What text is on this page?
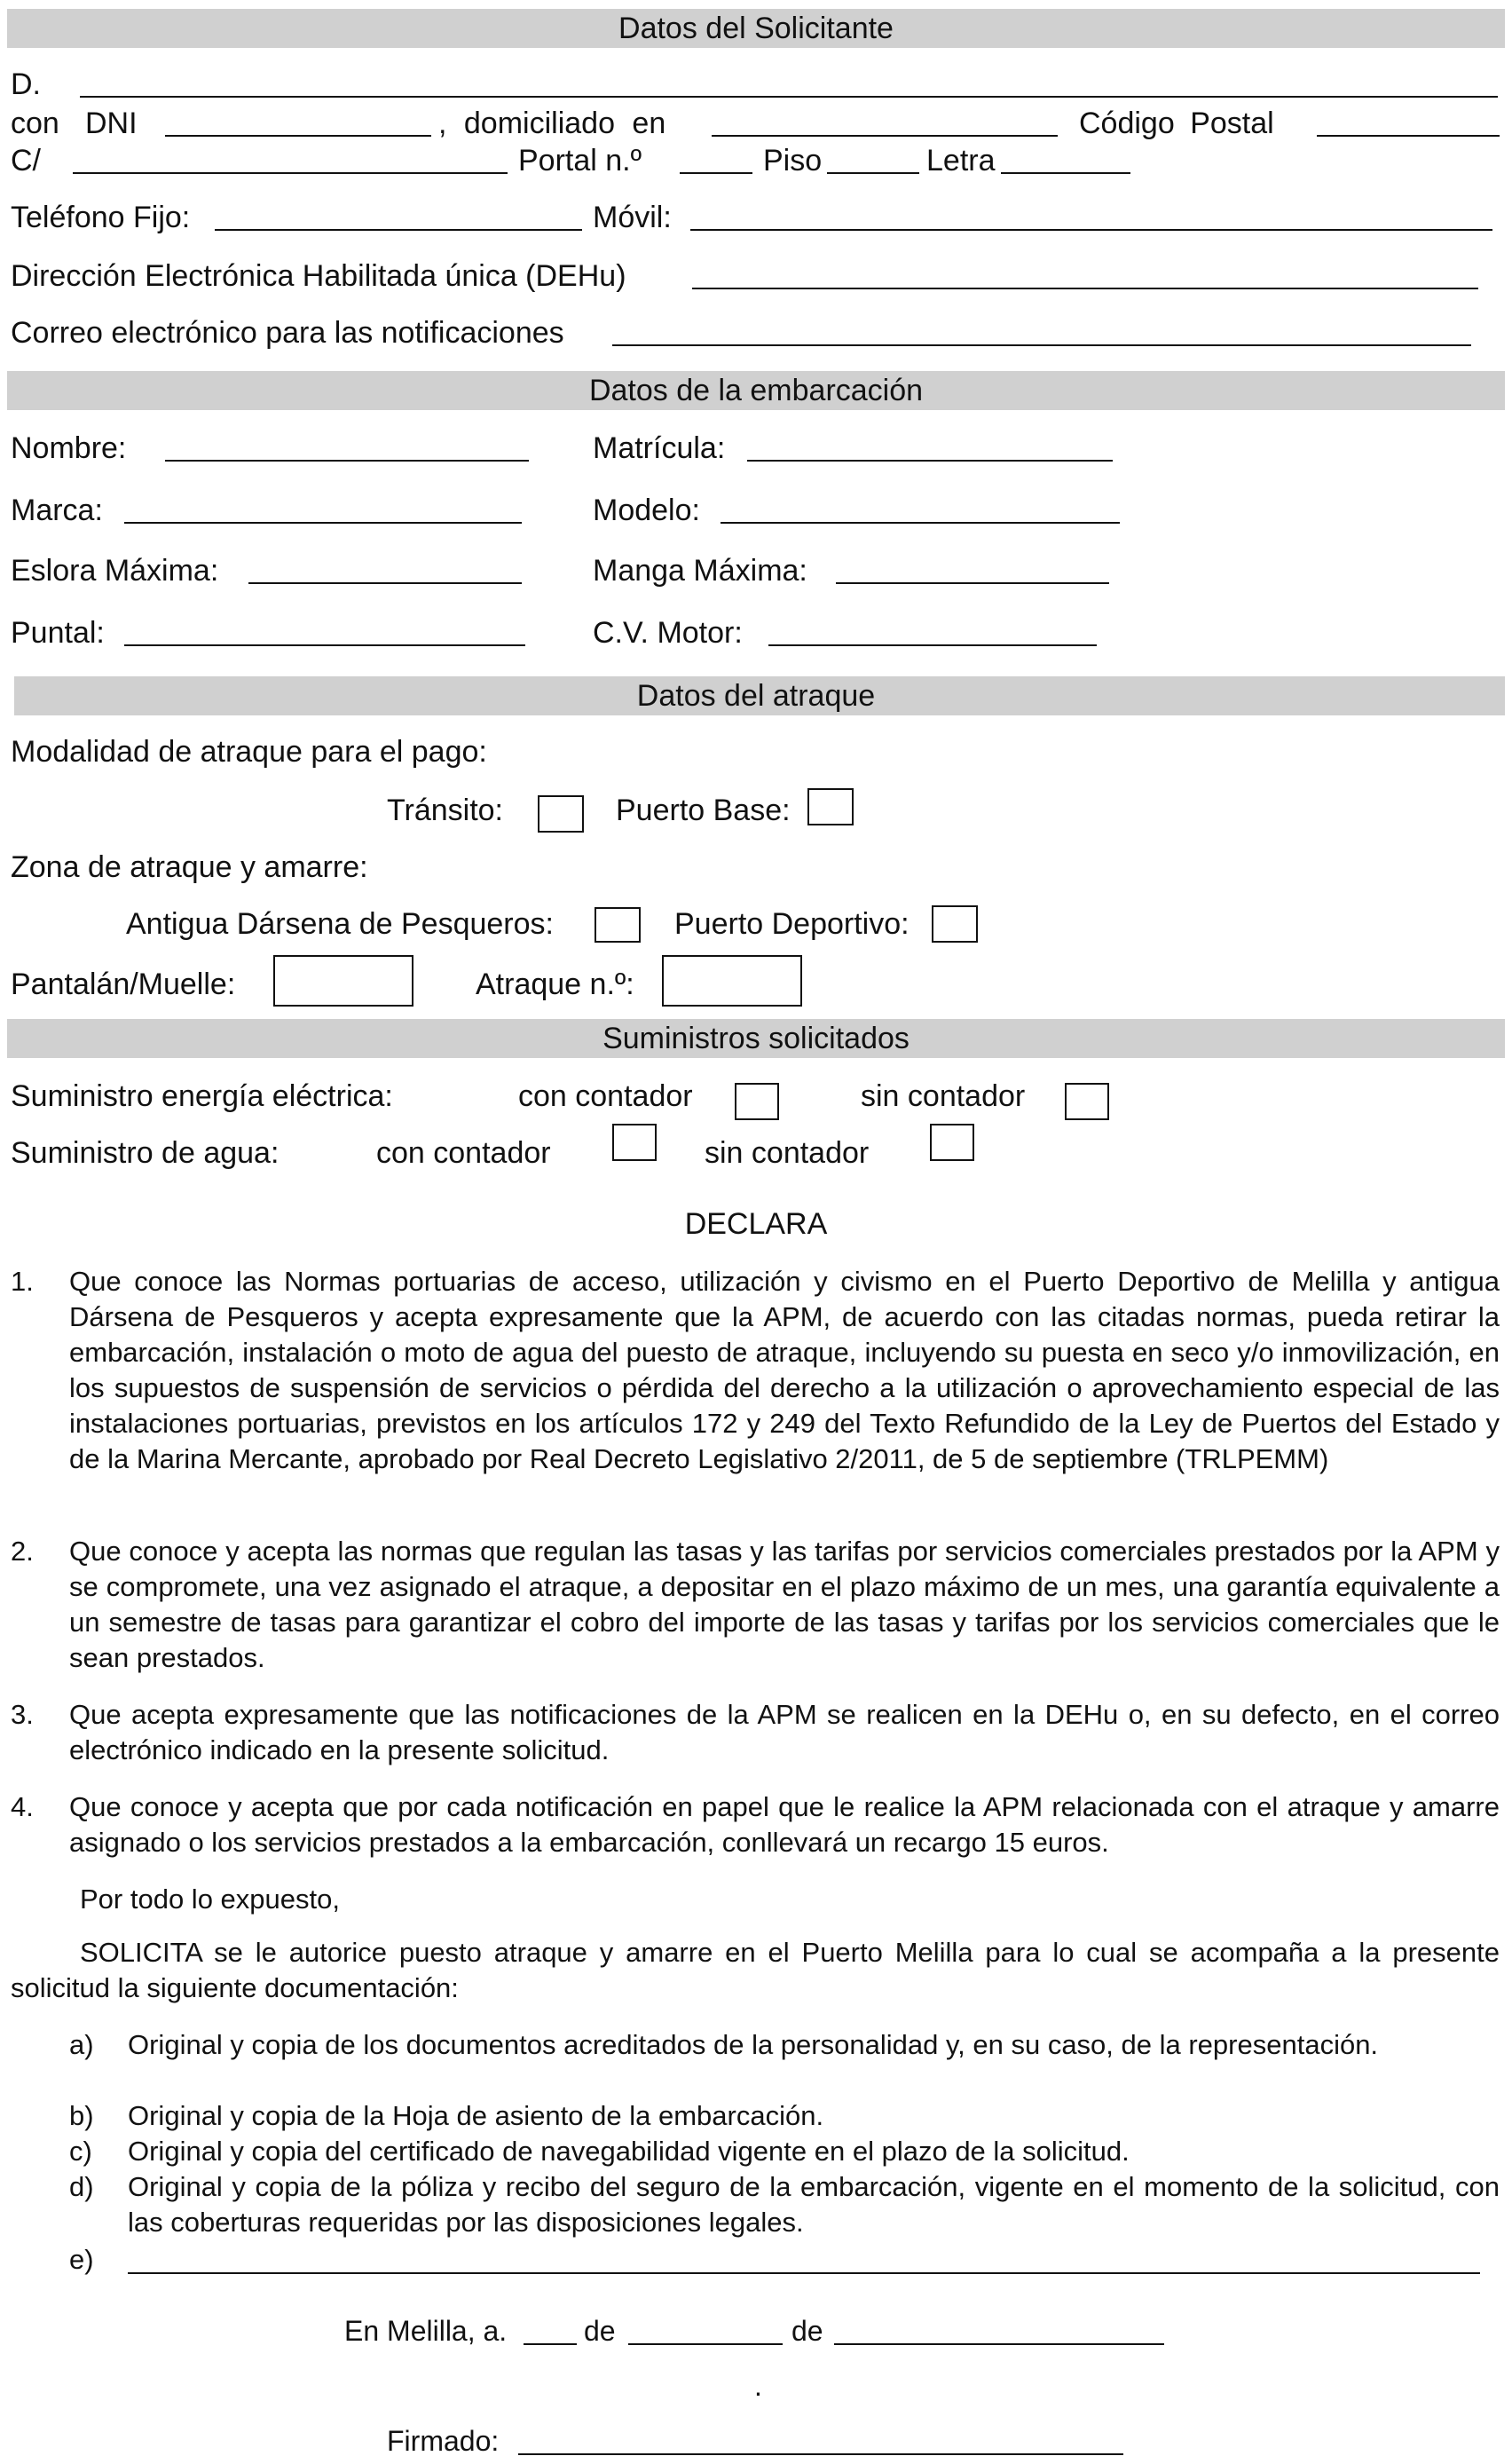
Datos del Solicitante
D.
con DNI	, domiciliado en	Código Postal
C/	Portal n.º	Piso	Letra
Teléfono Fijo:	Móvil:
Dirección Electrónica Habilitada única (DEHu)
Correo electrónico para las notificaciones
Datos de la embarcación
Nombre:	Matrícula:
Marca:	Modelo:
Eslora Máxima:	Manga Máxima:
Puntal:	C.V. Motor:
Datos del atraque
Modalidad de atraque para el pago:
Tránsito:	Puerto Base:
Zona de atraque y amarre:
Antigua Dársena de Pesqueros:	Puerto Deportivo:
Pantalán/Muelle:	Atraque n.º:
Suministros solicitados
Suministro energía eléctrica:	con contador	sin contador
Suministro de agua:	con contador	sin contador
DECLARA
1. Que conoce las Normas portuarias de acceso, utilización y civismo en el Puerto Deportivo de Melilla y antigua Dársena de Pesqueros y acepta expresamente que la APM, de acuerdo con las citadas normas, pueda retirar la embarcación, instalación o moto de agua del puesto de atraque, incluyendo su puesta en seco y/o inmovilización, en los supuestos de suspensión de servicios o pérdida del derecho a la utilización o aprovechamiento especial de las instalaciones portuarias, previstos en los artículos 172 y 249 del Texto Refundido de la Ley de Puertos del Estado y de la Marina Mercante, aprobado por Real Decreto Legislativo 2/2011, de 5 de septiembre (TRLPEMM)
2. Que conoce y acepta las normas que regulan las tasas y las tarifas por servicios comerciales prestados por la APM y se compromete, una vez asignado el atraque, a depositar en el plazo máximo de un mes, una garantía equivalente a un semestre de tasas para garantizar el cobro del importe de las tasas y tarifas por los servicios comerciales que le sean prestados.
3. Que acepta expresamente que las notificaciones de la APM se realicen en la DEHu o, en su defecto, en el correo electrónico indicado en la presente solicitud.
4. Que conoce y acepta que por cada notificación en papel que le realice la APM relacionada con el atraque y amarre asignado o los servicios prestados a la embarcación, conllevará un recargo 15 euros.
Por todo lo expuesto,
SOLICITA se le autorice puesto atraque y amarre en el Puerto Melilla para lo cual se acompaña a la presente solicitud la siguiente documentación:
a) Original y copia de los documentos acreditados de la personalidad y, en su caso, de la representación.
b) Original y copia de la Hoja de asiento de la embarcación.
c) Original y copia del certificado de navegabilidad vigente en el plazo de la solicitud.
d) Original y copia de la póliza y recibo del seguro de la embarcación, vigente en el momento de la solicitud, con las coberturas requeridas por las disposiciones legales.
e)
En Melilla, a.	de	de
.
Firmado:
